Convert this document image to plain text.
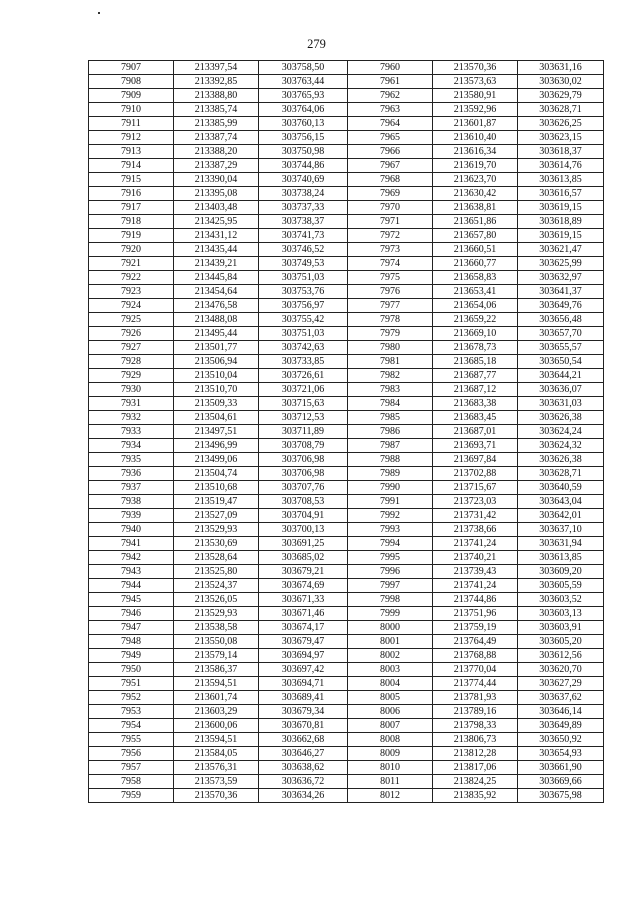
279
7907	213397,54	303758,50	7960	213570,36	303631,16
7908	213392,85	303763,44	7961	213573,63	303630,02
7909	213388,80	303765,93	7962	213580,91	303629,79
7910	213385,74	303764,06	7963	213592,96	303628,71
7911	213385,99	303760,13	7964	213601,87	303626,25
7912	213387,74	303756,15	7965	213610,40	303623,15
7913	213388,20	303750,98	7966	213616,34	303618,37
7914	213387,29	303744,86	7967	213619,70	303614,76
7915	213390,04	303740,69	7968	213623,70	303613,85
7916	213395,08	303738,24	7969	213630,42	303616,57
7917	213403,48	303737,33	7970	213638,81	303619,15
7918	213425,95	303738,37	7971	213651,86	303618,89
7919	213431,12	303741,73	7972	213657,80	303619,15
7920	213435,44	303746,52	7973	213660,51	303621,47
7921	213439,21	303749,53	7974	213660,77	303625,99
7922	213445,84	303751,03	7975	213658,83	303632,97
7923	213454,64	303753,76	7976	213653,41	303641,37
7924	213476,58	303756,97	7977	213654,06	303649,76
7925	213488,08	303755,42	7978	213659,22	303656,48
7926	213495,44	303751,03	7979	213669,10	303657,70
7927	213501,77	303742,63	7980	213678,73	303655,57
7928	213506,94	303733,85	7981	213685,18	303650,54
7929	213510,04	303726,61	7982	213687,77	303644,21
7930	213510,70	303721,06	7983	213687,12	303636,07
7931	213509,33	303715,63	7984	213683,38	303631,03
7932	213504,61	303712,53	7985	213683,45	303626,38
7933	213497,51	303711,89	7986	213687,01	303624,24
7934	213496,99	303708,79	7987	213693,71	303624,32
7935	213499,06	303706,98	7988	213697,84	303626,38
7936	213504,74	303706,98	7989	213702,88	303628,71
7937	213510,68	303707,76	7990	213715,67	303640,59
7938	213519,47	303708,53	7991	213723,03	303643,04
7939	213527,09	303704,91	7992	213731,42	303642,01
7940	213529,93	303700,13	7993	213738,66	303637,10
7941	213530,69	303691,25	7994	213741,24	303631,94
7942	213528,64	303685,02	7995	213740,21	303613,85
7943	213525,80	303679,21	7996	213739,43	303609,20
7944	213524,37	303674,69	7997	213741,24	303605,59
7945	213526,05	303671,33	7998	213744,86	303603,52
7946	213529,93	303671,46	7999	213751,96	303603,13
7947	213538,58	303674,17	8000	213759,19	303603,91
7948	213550,08	303679,47	8001	213764,49	303605,20
7949	213579,14	303694,97	8002	213768,88	303612,56
7950	213586,37	303697,42	8003	213770,04	303620,70
7951	213594,51	303694,71	8004	213774,44	303627,29
7952	213601,74	303689,41	8005	213781,93	303637,62
7953	213603,29	303679,34	8006	213789,16	303646,14
7954	213600,06	303670,81	8007	213798,33	303649,89
7955	213594,51	303662,68	8008	213806,73	303650,92
7956	213584,05	303646,27	8009	213812,28	303654,93
7957	213576,31	303638,62	8010	213817,06	303661,90
7958	213573,59	303636,72	8011	213824,25	303669,66
7959	213570,36	303634,26	8012	213835,92	303675,98
